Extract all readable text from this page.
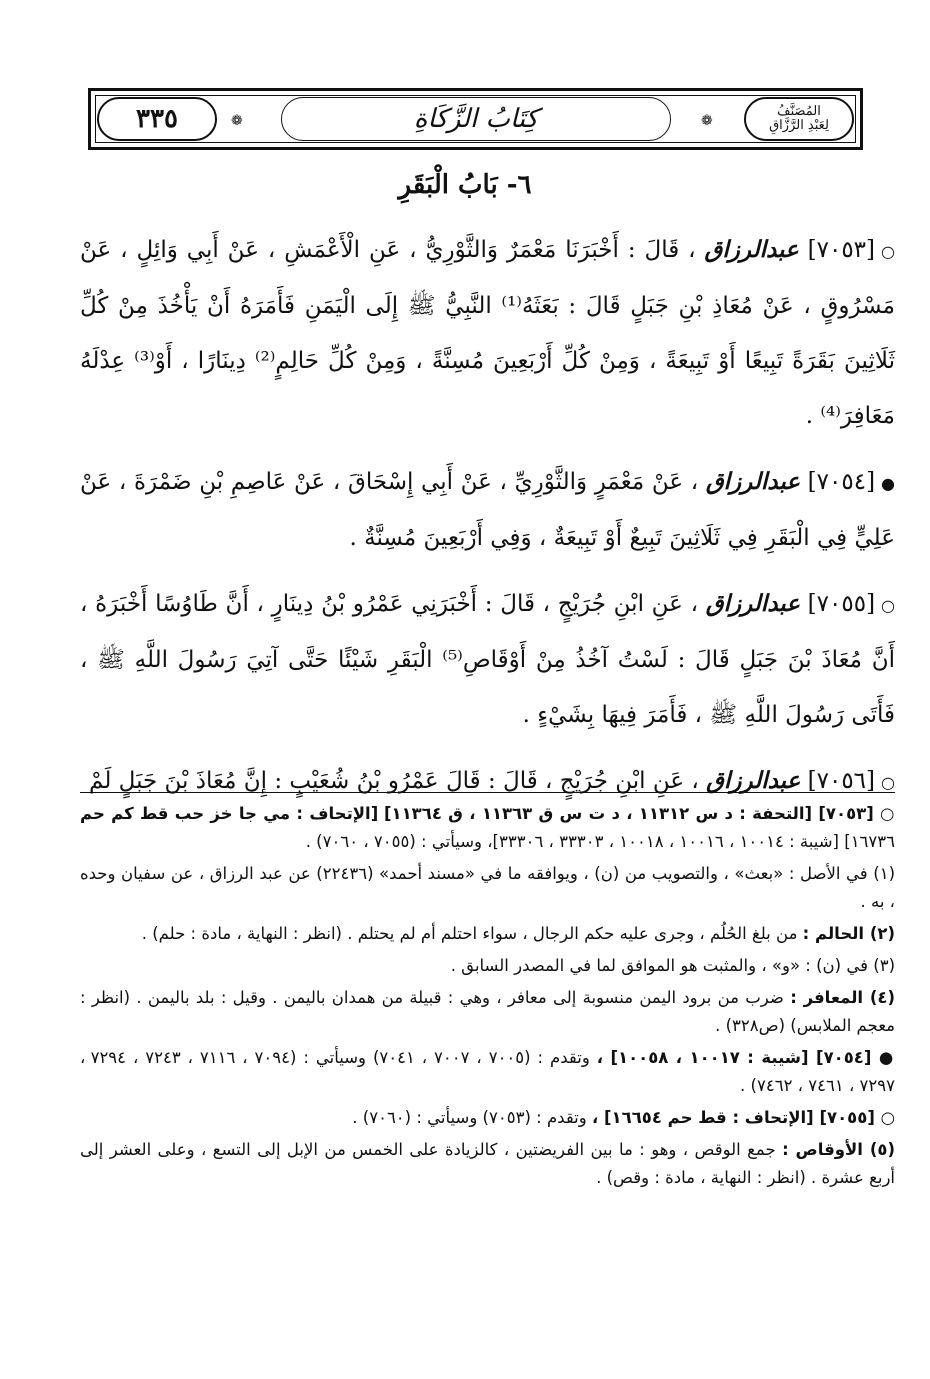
٣٣٥	❁	كِتَابُ الزَّكَاةِ	❁
المُصَنَّفُ
لِعَبْدِ الرَّزَّاقِ
٦- بَابُ الْبَقَرِ

○[٧٠٥٣] عبدالرزاق ، قَالَ : أَخْبَرَنَا مَعْمَرٌ وَالثَّوْرِيُّ ، عَنِ الْأَعْمَشِ ، عَنْ أَبِي وَائِلٍ ، عَنْ مَسْرُوقٍ ، عَنْ مُعَاذِ بْنِ جَبَلٍ قَالَ : بَعَثَهُ⁽¹⁾ النَّبِيُّ ﷺ إِلَى الْيَمَنِ فَأَمَرَهُ أَنْ يَأْخُذَ مِنْ كُلِّ ثَلَاثِينَ بَقَرَةً تَبِيعًا أَوْ تَبِيعَةً ، وَمِنْ كُلِّ أَرْبَعِينَ مُسِنَّةً ، وَمِنْ كُلِّ حَالِمٍ⁽²⁾ دِينَارًا ، أَوْ⁽³⁾ عِدْلَهُ مَعَافِرَ⁽⁴⁾ .

●[٧٠٥٤] عبدالرزاق ، عَنْ مَعْمَرٍ وَالثَّوْرِيِّ ، عَنْ أَبِي إِسْحَاقَ ، عَنْ عَاصِمِ بْنِ ضَمْرَةَ ، عَنْ عَلِيٍّ فِي الْبَقَرِ فِي ثَلَاثِينَ تَبِيعٌ أَوْ تَبِيعَةٌ ، وَفِي أَرْبَعِينَ مُسِنَّةٌ .

○[٧٠٥٥] عبدالرزاق ، عَنِ ابْنِ جُرَيْجٍ ، قَالَ : أَخْبَرَنِي عَمْرُو بْنُ دِينَارٍ ، أَنَّ طَاوُسًا أَخْبَرَهُ ، أَنَّ مُعَاذَ بْنَ جَبَلٍ قَالَ : لَسْتُ آخُذُ مِنْ أَوْقَاصِ⁽⁵⁾ الْبَقَرِ شَيْئًا حَتَّى آتِيَ رَسُولَ اللَّهِ ﷺ ، فَأَتَى رَسُولَ اللَّهِ ﷺ ، فَأَمَرَ فِيهَا بِشَيْءٍ .

○[٧٠٥٦] عبدالرزاق ، عَنِ ابْنِ جُرَيْجٍ ، قَالَ : قَالَ عَمْرُو بْنُ شُعَيْبٍ : إِنَّ مُعَاذَ بْنَ جَبَلٍ لَمْ

○ [٧٠٥٣] [التحفة : د س ١١٣١٢ ، د ت س ق ١١٣٦٣ ، ق ١١٣٦٤] [الإتحاف : مي جا خز حب قط كم حم ١٦٧٣٦] [شيبة : ١٠٠١٤ ، ١٠٠١٦ ، ١٠٠١٨ ، ٣٣٣٠٣ ، ٣٣٣٠٦]، وسيأتي : (٧٠٥٥ ، ٧٠٦٠) .

(١) في الأصل : «بعث» ، والتصويب من (ن) ، ويوافقه ما في «مسند أحمد» (٢٢٤٣٦) عن عبد الرزاق ، عن سفيان وحده ، به .

(٢) الحالم : من بلغ الحُلُم ، وجرى عليه حكم الرجال ، سواء احتلم أم لم يحتلم . (انظر : النهاية ، مادة : حلم) .

(٣) في (ن) : «و» ، والمثبت هو الموافق لما في المصدر السابق .

(٤) المعافر : ضرب من برود اليمن منسوبة إلى معافر ، وهي : قبيلة من همدان باليمن . وقيل : بلد باليمن . (انظر : معجم الملابس) (ص٣٢٨) .

● [٧٠٥٤] [شيبة : ١٠٠١٧ ، ١٠٠٥٨] ، وتقدم : (٧٠٠٥ ، ٧٠٠٧ ، ٧٠٤١) وسيأتي : (٧٠٩٤ ، ٧١١٦ ، ٧٢٤٣ ، ٧٢٩٤ ، ٧٢٩٧ ، ٧٤٦١ ، ٧٤٦٢) .

○ [٧٠٥٥] [الإتحاف : قط حم ١٦٦٥٤] ، وتقدم : (٧٠٥٣) وسيأتي : (٧٠٦٠) .

(٥) الأوقاص : جمع الوقص ، وهو : ما بين الفريضتين ، كالزيادة على الخمس من الإبل إلى التسع ، وعلى العشر إلى أربع عشرة . (انظر : النهاية ، مادة : وقص) .
